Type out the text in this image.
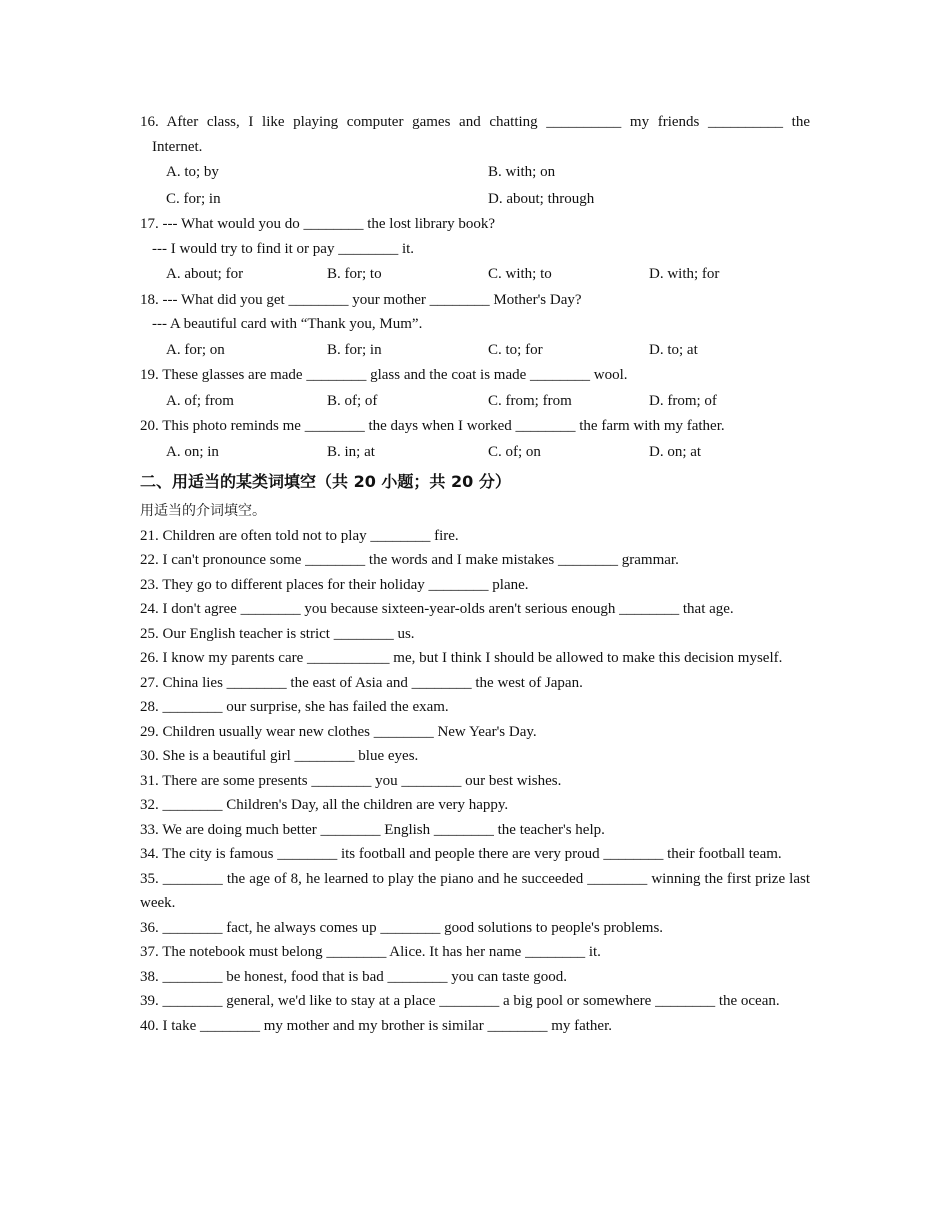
16. After class, I like playing computer games and chatting __________ my friends __________ the
Internet.
A. to; by	B. with; on
C. for; in	D. about; through
17. --- What would you do ________ the lost library book?
--- I would try to find it or pay ________ it.
A. about; for	B. for; to	C. with; to	D. with; for
18. --- What did you get ________ your mother ________ Mother's Day?
--- A beautiful card with “Thank you, Mum”.
A. for; on	B. for; in	C. to; for	D. to; at
19. These glasses are made ________ glass and the coat is made ________ wool.
A. of; from	B. of; of	C. from; from	D. from; of
20. This photo reminds me ________ the days when I worked ________ the farm with my father.
A. on; in	B. in; at	C. of; on	D. on; at
二、用适当的某类词填空（共 20 小题；共 20 分）
用适当的介词填空。
21. Children are often told not to play ________ fire.
22. I can't pronounce some ________ the words and I make mistakes ________ grammar.
23. They go to different places for their holiday ________ plane.
24. I don't agree ________ you because sixteen-year-olds aren't serious enough ________ that age.
25. Our English teacher is strict ________ us.
26. I know my parents care ___________ me, but I think I should be allowed to make this decision myself.
27. China lies ________ the east of Asia and ________ the west of Japan.
28. ________ our surprise, she has failed the exam.
29. Children usually wear new clothes ________ New Year's Day.
30. She is a beautiful girl ________ blue eyes.
31. There are some presents ________ you ________ our best wishes.
32. ________ Children's Day, all the children are very happy.
33. We are doing much better ________ English ________ the teacher's help.
34. The city is famous ________ its football and people there are very proud ________ their football team.
35. ________ the age of 8, he learned to play the piano and he succeeded ________ winning the first prize last week.
36. ________ fact, he always comes up ________ good solutions to people's problems.
37. The notebook must belong ________ Alice. It has her name ________ it.
38. ________ be honest, food that is bad ________ you can taste good.
39. ________ general, we'd like to stay at a place ________ a big pool or somewhere ________ the ocean.
40. I take ________ my mother and my brother is similar ________ my father.
